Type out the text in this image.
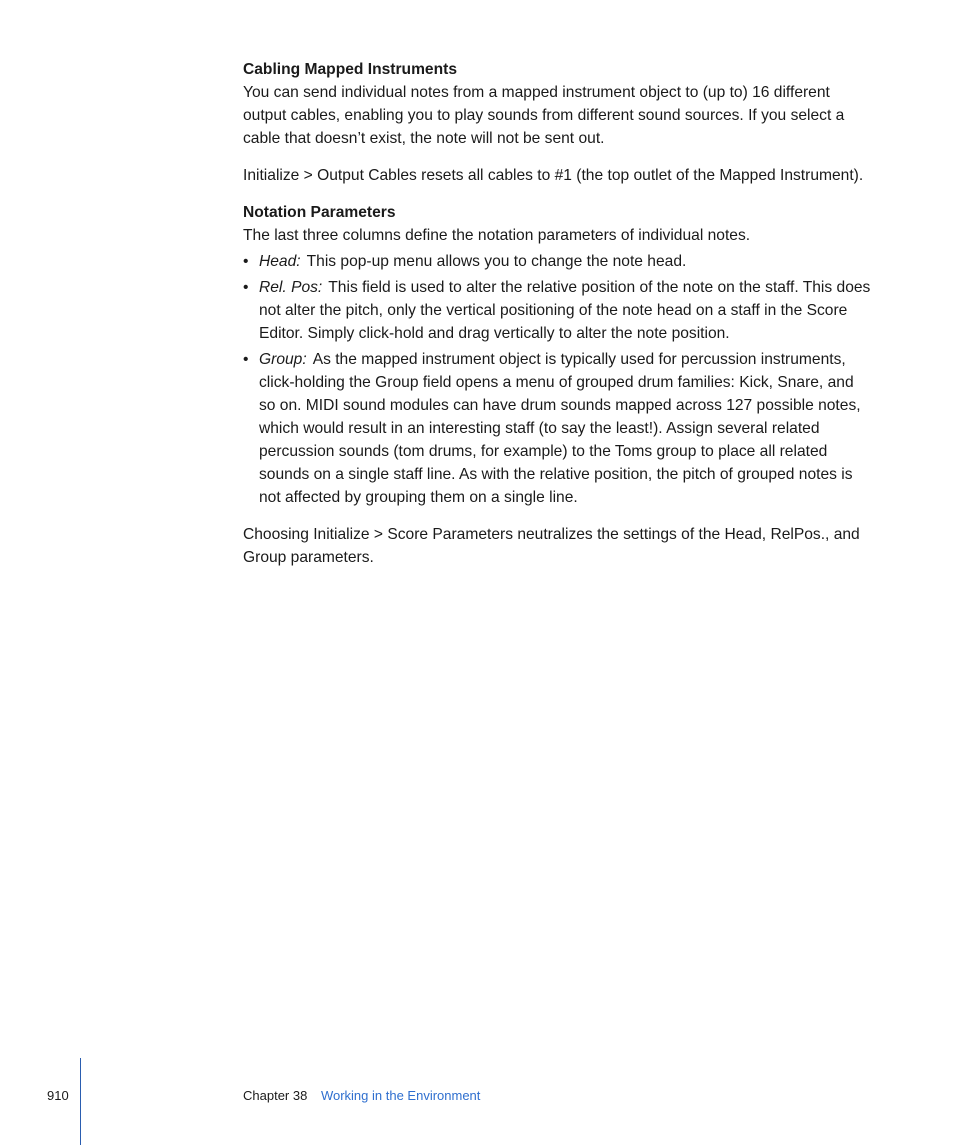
Cabling Mapped Instruments

You can send individual notes from a mapped instrument object to (up to) 16 different output cables, enabling you to play sounds from different sound sources. If you select a cable that doesn’t exist, the note will not be sent out.

Initialize > Output Cables resets all cables to #1 (the top outlet of the Mapped Instrument).

Notation Parameters

The last three columns define the notation parameters of individual notes.

• Head: This pop-up menu allows you to change the note head.
• Rel. Pos: This field is used to alter the relative position of the note on the staff. This does not alter the pitch, only the vertical positioning of the note head on a staff in the Score Editor. Simply click-hold and drag vertically to alter the note position.
• Group: As the mapped instrument object is typically used for percussion instruments, click-holding the Group field opens a menu of grouped drum families: Kick, Snare, and so on. MIDI sound modules can have drum sounds mapped across 127 possible notes, which would result in an interesting staff (to say the least!). Assign several related percussion sounds (tom drums, for example) to the Toms group to place all related sounds on a single staff line. As with the relative position, the pitch of grouped notes is not affected by grouping them on a single line.

Choosing Initialize > Score Parameters neutralizes the settings of the Head, RelPos., and Group parameters.

910	Chapter 38 Working in the Environment
